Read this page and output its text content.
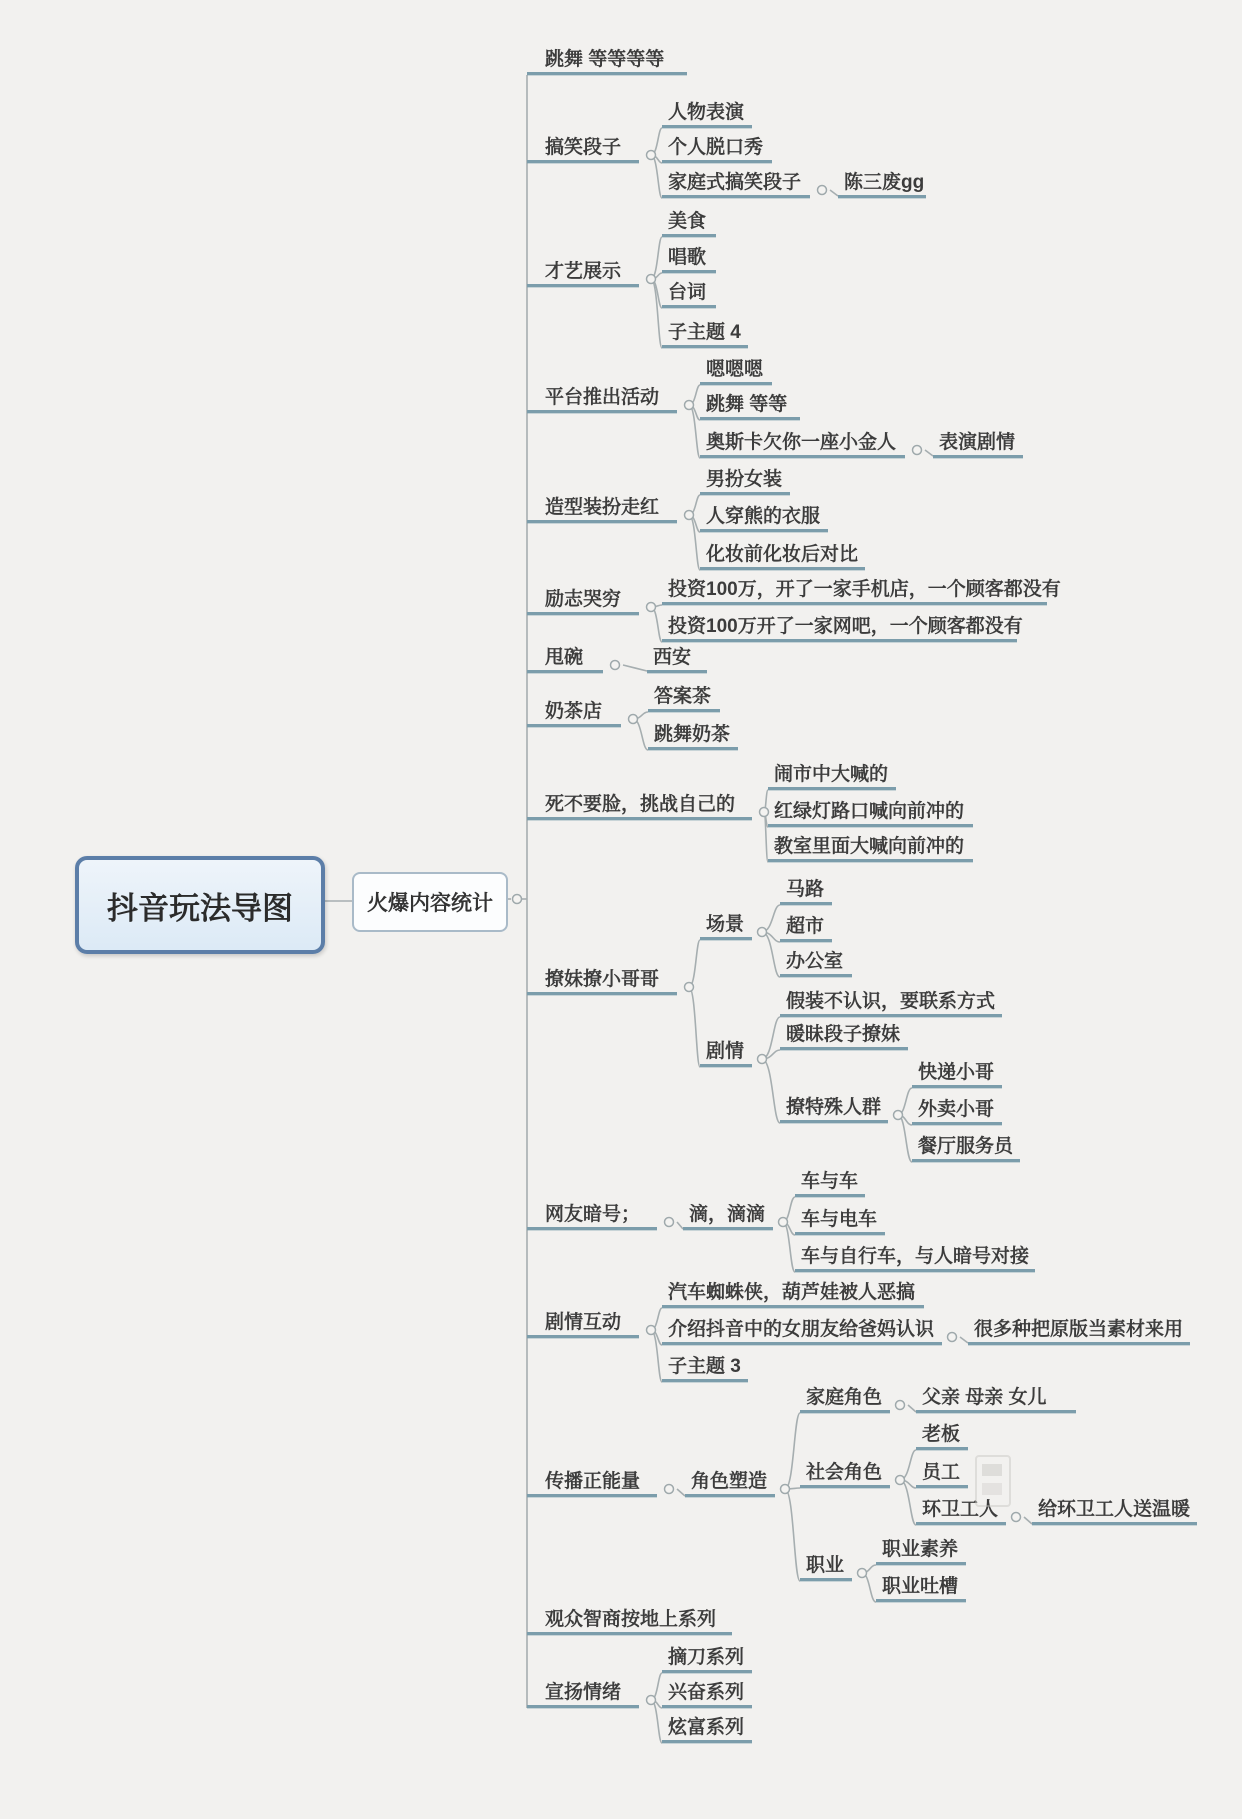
抖音玩法导图	火爆内容统计
跳舞 等等等等
搞笑段子
才艺展示
平台推出活动
造型装扮走红
励志哭穷
甩碗
奶茶店
死不要脸，挑战自己的
撩妹撩小哥哥
网友暗号；
剧情互动
传播正能量
观众智商按地上系列
宣扬情绪
人物表演
个人脱口秀
家庭式搞笑段子	陈三废gg
美食
唱歌
台词
子主题 4
嗯嗯嗯
跳舞 等等
奥斯卡欠你一座小金人	表演剧情
男扮女装
人穿熊的衣服
化妆前化妆后对比
投资100万，开了一家手机店，一个顾客都没有
投资100万开了一家网吧，一个顾客都没有
西安
答案茶
跳舞奶茶
闹市中大喊的
红绿灯路口喊向前冲的
教室里面大喊向前冲的
场景
马路
超市
办公室
剧情
假装不认识，要联系方式
暖昧段子撩妹
撩特殊人群
快递小哥
外卖小哥
餐厅服务员
滴，滴滴
车与车
车与电车
车与自行车，与人暗号对接
汽车蜘蛛侠，葫芦娃被人恶搞
介绍抖音中的女朋友给爸妈认识	很多种把原版当素材来用
子主题 3
角色塑造
家庭角色	父亲 母亲 女儿
社会角色
老板
员工
环卫工人	给环卫工人送温暖
职业
职业素养
职业吐槽
摘刀系列
兴奋系列
炫富系列
